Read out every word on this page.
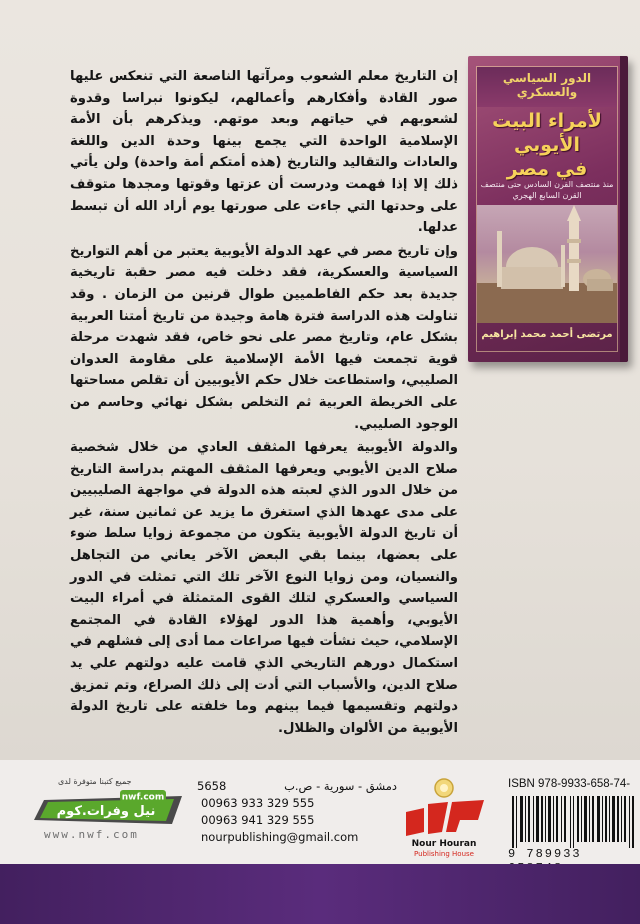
إن التاريخ معلم الشعوب ومرآتها الناصعة التي تنعكس عليها صور القادة وأفكارهم وأعمالهم، ليكونوا نبراسا وقدوة لشعوبهم في حياتهم وبعد موتهم. ويذكرهم بأن الأمة الإسلامية الواحدة التي يجمع بينها وحدة الدين واللغة والعادات والتقاليد والتاريخ (هذه أمتكم أمة واحدة) ولن يأتي ذلك إلا إذا فهمت ودرست أن عزتها وقوتها ومجدها متوقف على وحدتها التي جاءت على صورتها يوم أراد الله أن تبسط عدلها.

وإن تاريخ مصر في عهد الدولة الأيوبية يعتبر من أهم التواريخ السياسية والعسكرية، فقد دخلت فيه مصر حقبة تاريخية جديدة بعد حكم الفاطميين طوال قرنين من الزمان . وقد تناولت هذه الدراسة فترة هامة وجيدة من تاريخ أمتنا العربية بشكل عام، وتاريخ مصر على نحو خاص، فقد شهدت مرحلة قوية تجمعت فيها الأمة الإسلامية على مقاومة العدوان الصليبي، واستطاعت خلال حكم الأيوبيين أن تقلص مساحتها على الخريطة العربية ثم التخلص بشكل نهائي وحاسم من الوجود الصليبي.

والدولة الأيوبية يعرفها المثقف العادي من خلال شخصية صلاح الدين الأيوبي ويعرفها المثقف المهتم بدراسة التاريخ من خلال الدور الذي لعبته هذه الدولة في مواجهة الصليبيين على مدى عهدها الذي استغرق ما يزيد عن ثمانين سنة، غير أن تاريخ الدولة الأيوبية يتكون من مجموعة زوايا سلط ضوء على بعضها، بينما بقي البعض الآخر يعاني من التجاهل والنسيان، ومن زوايا النوع الآخر تلك التي تمثلت في الدور السياسي والعسكري لتلك القوى المتمثلة في أمراء البيت الأيوبي، وأهمية هذا الدور لهؤلاء القادة في المجتمع الإسلامي، حيث نشأت فيها صراعات مما أدى إلى فشلهم في استكمال دورهم التاريخي الذي قامت عليه دولتهم علي يد صلاح الدين، والأسباب التي أدت إلى ذلك الصراع، وتم تمزيق دولتهم وتقسيمها فيما بينهم وما خلفته على تاريخ الدولة الأيوبية من الألوان والظلال.

الدور السياسي والعسكري
لأمراء البيت الأيوبي
في مصر
منذ منتصف القرن السادس حتى منتصف القرن السابع الهجري
مرتضى أحمد محمد إبراهيم
جميع كتبنا متوفرة لدى
nwf.com
نيل وفرات.كوم
www.nwf.com
5658	دمشق - سورية - ص.ب
00963 933 329 555
00963 941 329 555
nourpublishing@gmail.com	Nour Houran
Publishing House
ISBN 978-9933-658-74-
9 789933
